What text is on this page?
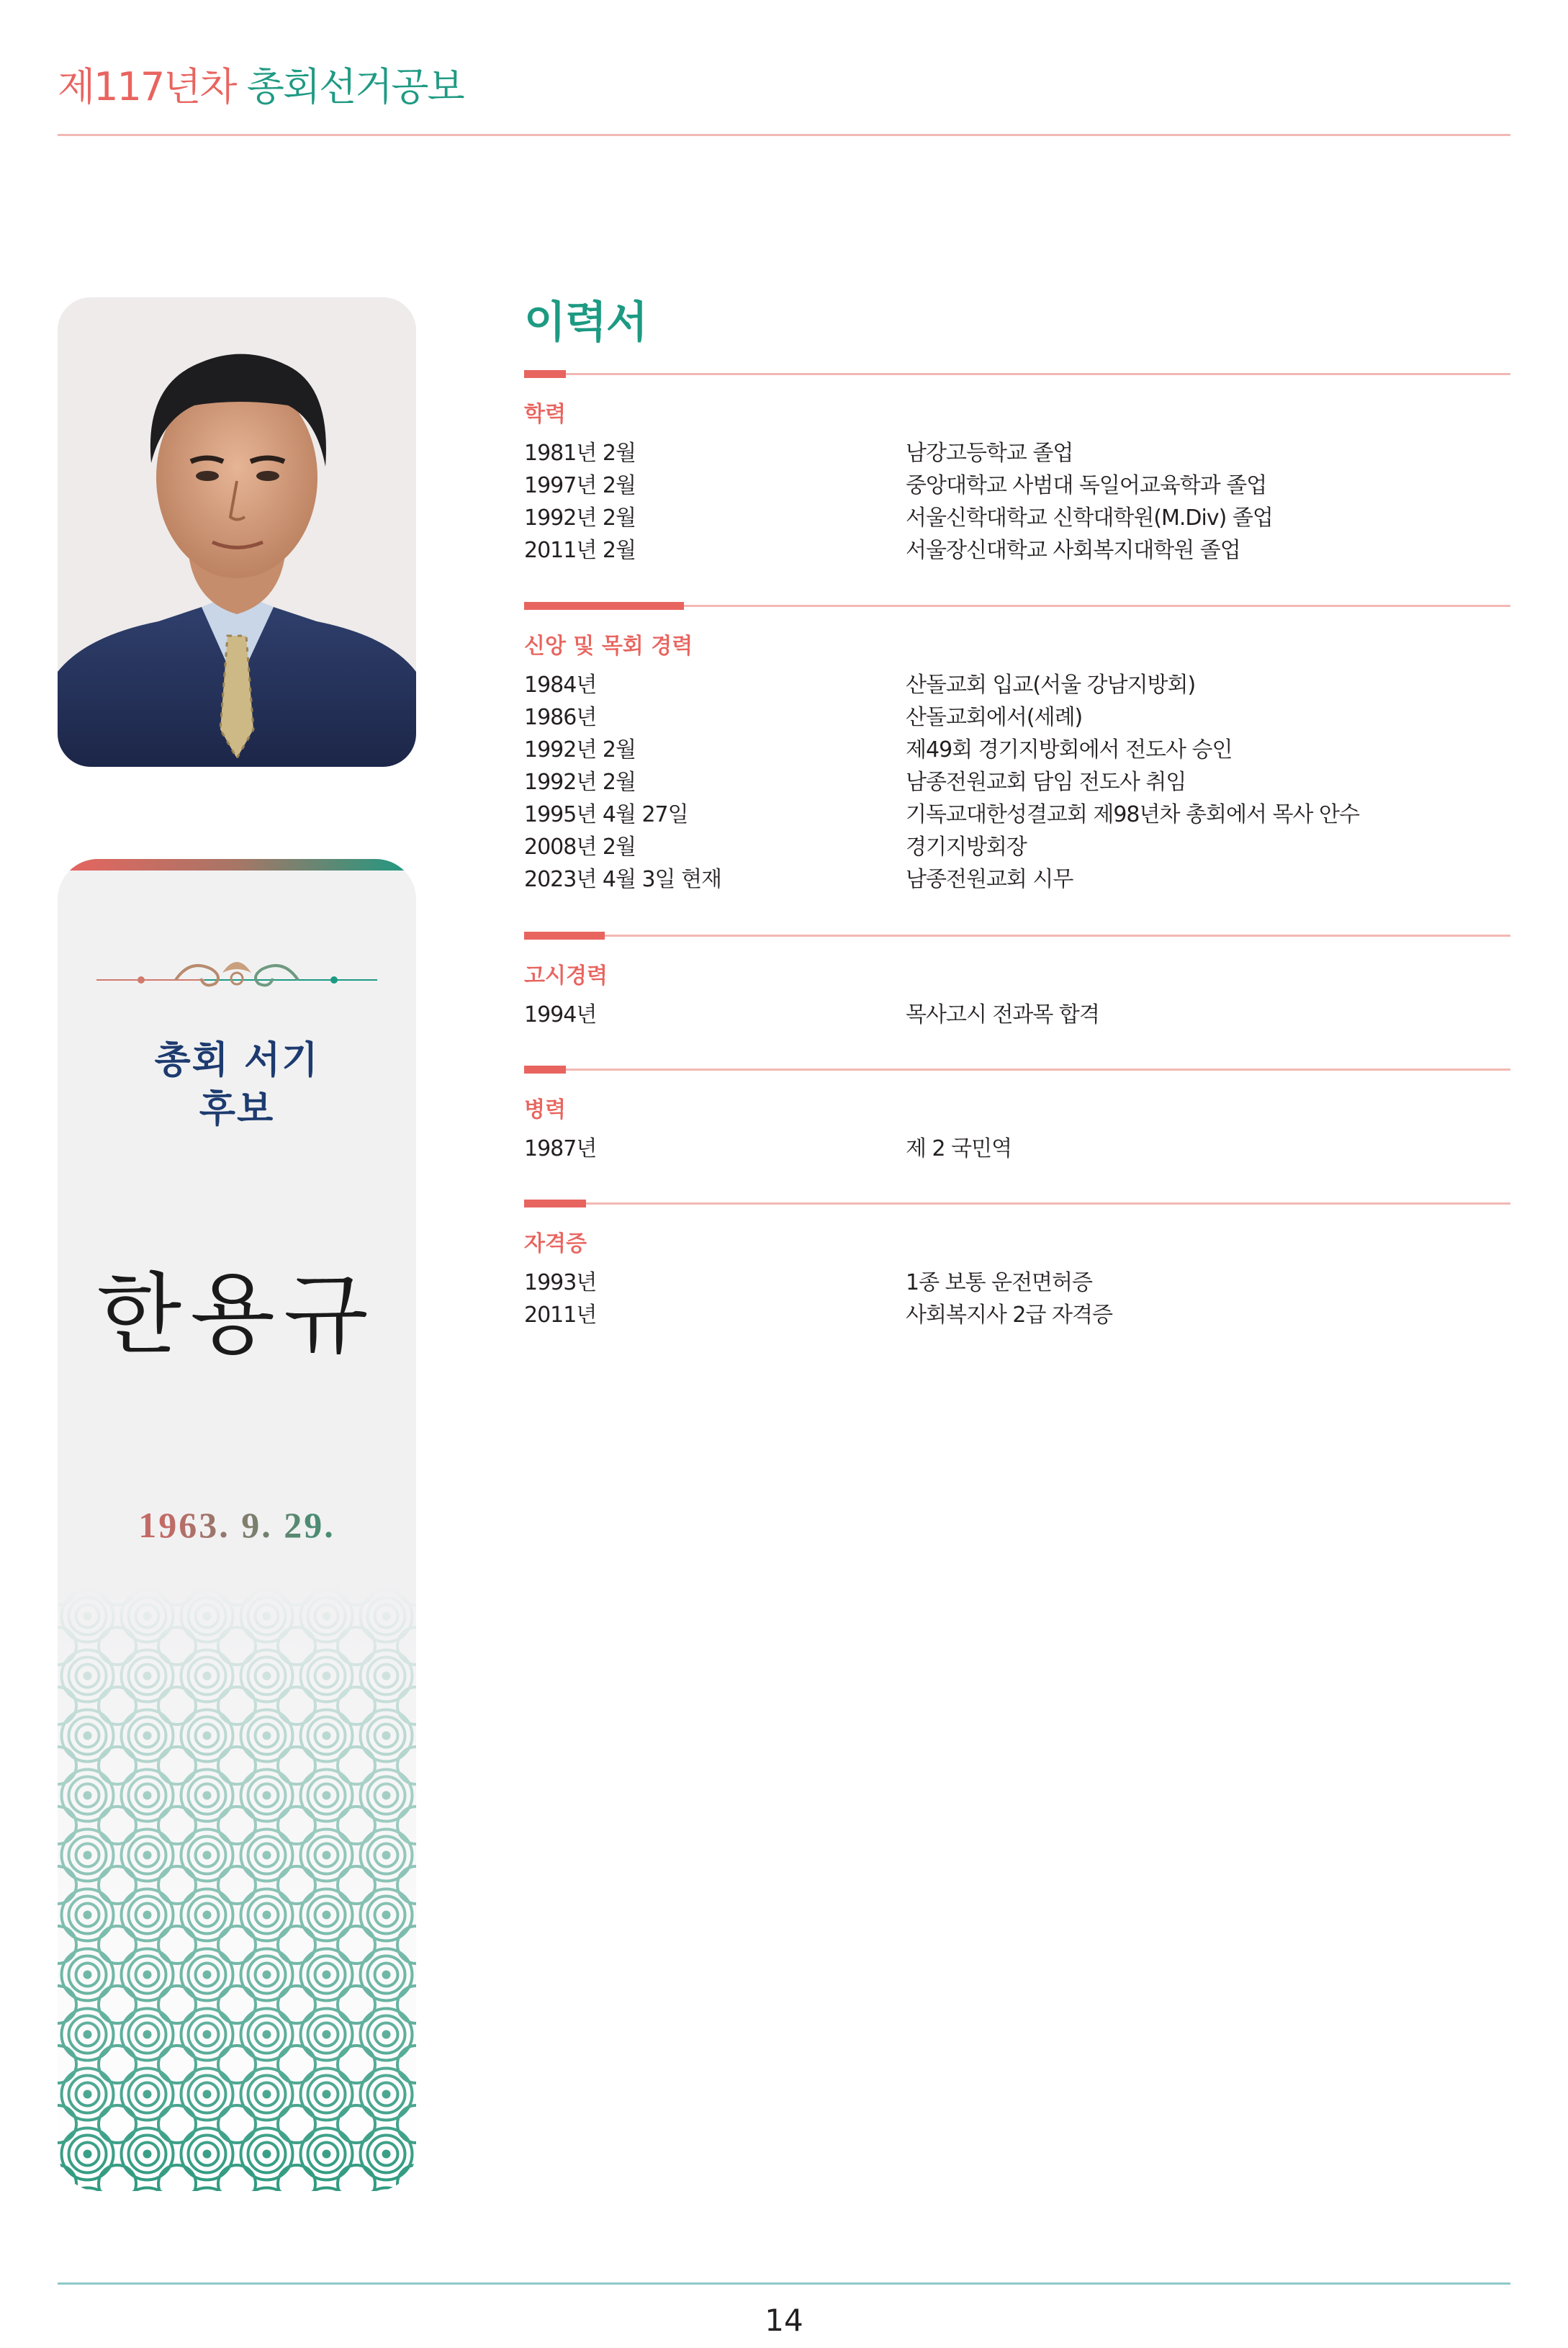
제117년차 총회선거공보
총회 서기
후보
한용규
1963. 9. 29.
이력서
학력
1981년 2월	남강고등학교 졸업
1997년 2월	중앙대학교 사범대 독일어교육학과 졸업
1992년 2월	서울신학대학교 신학대학원(M.Div) 졸업
2011년 2월	서울장신대학교 사회복지대학원 졸업
신앙 및 목회 경력
1984년	산돌교회 입교(서울 강남지방회)
1986년	산돌교회에서(세례)
1992년 2월	제49회 경기지방회에서 전도사 승인
1992년 2월	남종전원교회 담임 전도사 취임
1995년 4월 27일	기독교대한성결교회 제98년차 총회에서 목사 안수
2008년 2월	경기지방회장
2023년 4월 3일 현재	남종전원교회 시무
고시경력
1994년	목사고시 전과목 합격
병력
1987년	제 2 국민역
자격증
1993년	1종 보통 운전면허증
2011년	사회복지사 2급 자격증
14
